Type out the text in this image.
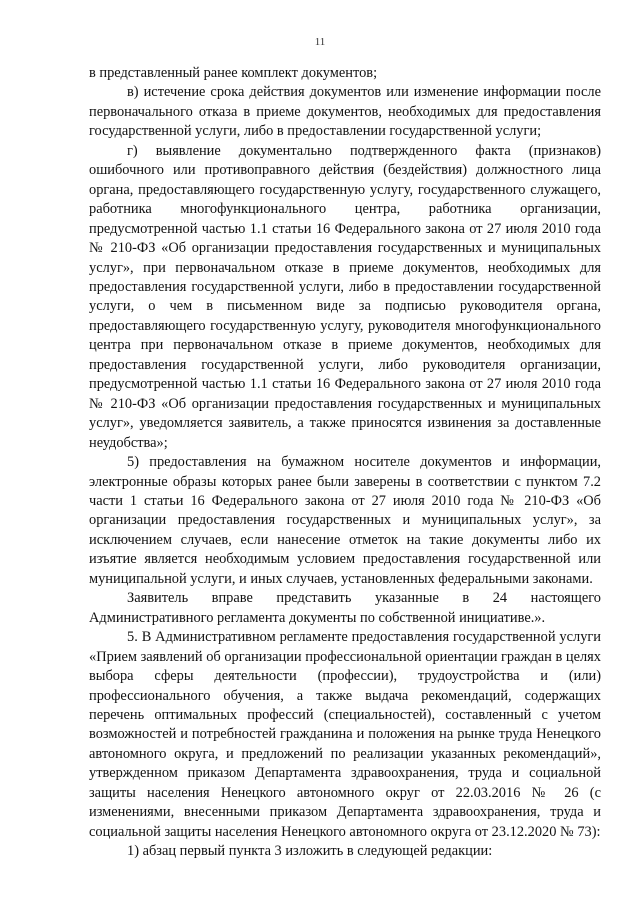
11

в представленный ранее комплект документов;

в) истечение срока действия документов или изменение информации после первоначального отказа в приеме документов, необходимых для предоставления государственной услуги, либо в предоставлении государственной услуги;

г) выявление документально подтвержденного факта (признаков) ошибочного или противоправного действия (бездействия) должностного лица органа, предоставляющего государственную услугу, государственного служащего, работника многофункционального центра, работника организации, предусмотренной частью 1.1 статьи 16 Федерального закона от 27 июля 2010 года № 210-ФЗ «Об организации предоставления государственных и муниципальных услуг», при первоначальном отказе в приеме документов, необходимых для предоставления государственной услуги, либо в предоставлении государственной услуги, о чем в письменном виде за подписью руководителя органа, предоставляющего государственную услугу, руководителя многофункционального центра при первоначальном отказе в приеме документов, необходимых для предоставления государственной услуги, либо руководителя организации, предусмотренной частью 1.1 статьи 16 Федерального закона от 27 июля 2010 года № 210-ФЗ «Об организации предоставления государственных и муниципальных услуг», уведомляется заявитель, а также приносятся извинения за доставленные неудобства»;

5) предоставления на бумажном носителе документов и информации, электронные образы которых ранее были заверены в соответствии с пунктом 7.2 части 1 статьи 16 Федерального закона от 27 июля 2010 года № 210-ФЗ «Об организации предоставления государственных и муниципальных услуг», за исключением случаев, если нанесение отметок на такие документы либо их изъятие является необходимым условием предоставления государственной или муниципальной услуги, и иных случаев, установленных федеральными законами.

Заявитель вправе представить указанные в 24 настоящего Административного регламента документы по собственной инициативе.».

5. В Административном регламенте предоставления государственной услуги «Прием заявлений об организации профессиональной ориентации граждан в целях выбора сферы деятельности (профессии), трудоустройства и (или) профессионального обучения, а также выдача рекомендаций, содержащих перечень оптимальных профессий (специальностей), составленный с учетом возможностей и потребностей гражданина и положения на рынке труда Ненецкого автономного округа, и предложений по реализации указанных рекомендаций», утвержденном приказом Департамента здравоохранения, труда и социальной защиты населения Ненецкого автономного округ от 22.03.2016 № 26 (с изменениями, внесенными приказом Департамента здравоохранения, труда и социальной защиты населения Ненецкого автономного округа от 23.12.2020 № 73):

1) абзац первый пункта 3 изложить в следующей редакции:
